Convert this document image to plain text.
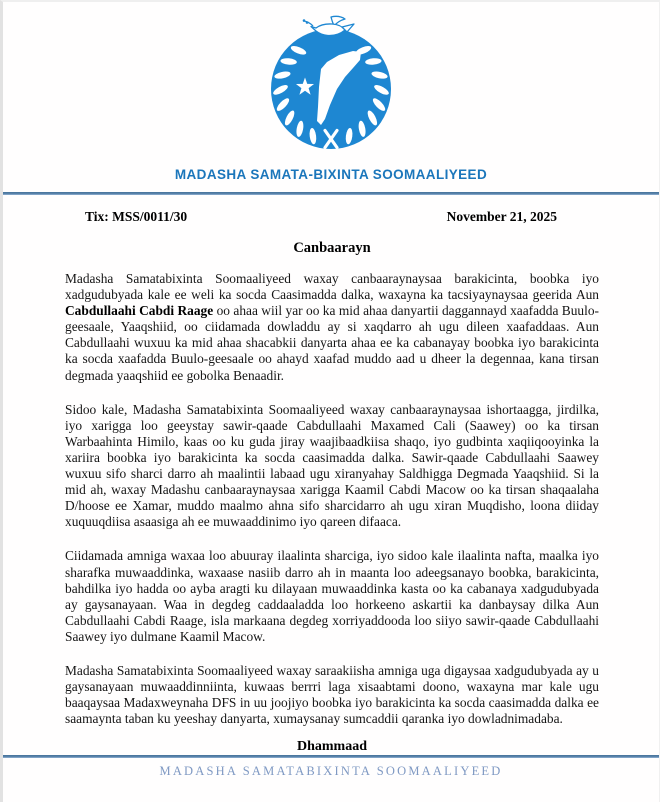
MADASHA SAMATA-BIXINTA SOOMAALIYEED
Tix: MSS/0011/30	November 21, 2025
Canbaarayn

Madasha Samatabixinta Soomaaliyeed waxay canbaaraynaysaa barakicinta, boobka iyo xadgudubyada kale ee weli ka socda Caasimadda dalka, waxayna ka tacsiyaynaysaa geerida Aun Cabdullaahi Cabdi Raage oo ahaa wiil yar oo ka mid ahaa danyartii daggannayd xaafadda Buulo-geesaale, Yaaqshiid, oo ciidamada dowladdu ay si xaqdarro ah ugu dileen xaafaddaas. Aun Cabdullaahi wuxuu ka mid ahaa shacabkii danyarta ahaa ee ka cabanayay boobka iyo barakicinta ka socda xaafadda Buulo-geesaale oo ahayd xaafad muddo aad u dheer la degennaa, kana tirsan degmada yaaqshiid ee gobolka Benaadir.

Sidoo kale, Madasha Samatabixinta Soomaaliyeed waxay canbaaraynaysaa ishortaagga, jirdilka, iyo xarigga loo geeystay sawir-qaade Cabdullaahi Maxamed Cali (Saawey) oo ka tirsan Warbaahinta Himilo, kaas oo ku guda jiray waajibaadkiisa shaqo, iyo gudbinta xaqiiqooyinka la xariira boobka iyo barakicinta ka socda caasimadda dalka. Sawir-qaade Cabdullaahi Saawey wuxuu sifo sharci darro ah maalintii labaad ugu xiranyahay Saldhigga Degmada Yaaqshiid. Si la mid ah, waxay Madashu canbaaraynaysaa xarigga Kaamil Cabdi Macow oo ka tirsan shaqaalaha D/hoose ee Xamar, muddo maalmo ahna sifo sharcidarro ah ugu xiran Muqdisho, loona diiday xuquuqdiisa asaasiga ah ee muwaaddinimo iyo qareen difaaca.

Ciidamada amniga waxaa loo abuuray ilaalinta sharciga, iyo sidoo kale ilaalinta nafta, maalka iyo sharafka muwaaddinka, waxaase nasiib darro ah in maanta loo adeegsanayo boobka, barakicinta, bahdilka iyo hadda oo ayba aragti ku dilayaan muwaaddinka kasta oo ka cabanaya xadgudubyada ay gaysanayaan. Waa in degdeg caddaaladda loo horkeeno askartii ka danbaysay dilka Aun Cabdullaahi Cabdi Raage, isla markaana degdeg xorriyaddooda loo siiyo sawir-qaade Cabdullaahi Saawey iyo dulmane Kaamil Macow.

Madasha Samatabixinta Soomaaliyeed waxay saraakiisha amniga uga digaysaa xadgudubyada ay u gaysanayaan muwaaddinniinta, kuwaas berrri laga xisaabtami doono, waxayna mar kale ugu baaqaysaa Madaxweynaha DFS in uu joojiyo boobka iyo barakicinta ka socda caasimadda dalka ee saamaynta taban ku yeeshay danyarta, xumaysanay sumcaddii qaranka iyo dowladnimadaba.

Dhammaad
MADASHA SAMATABIXINTA SOOMAALIYEED
